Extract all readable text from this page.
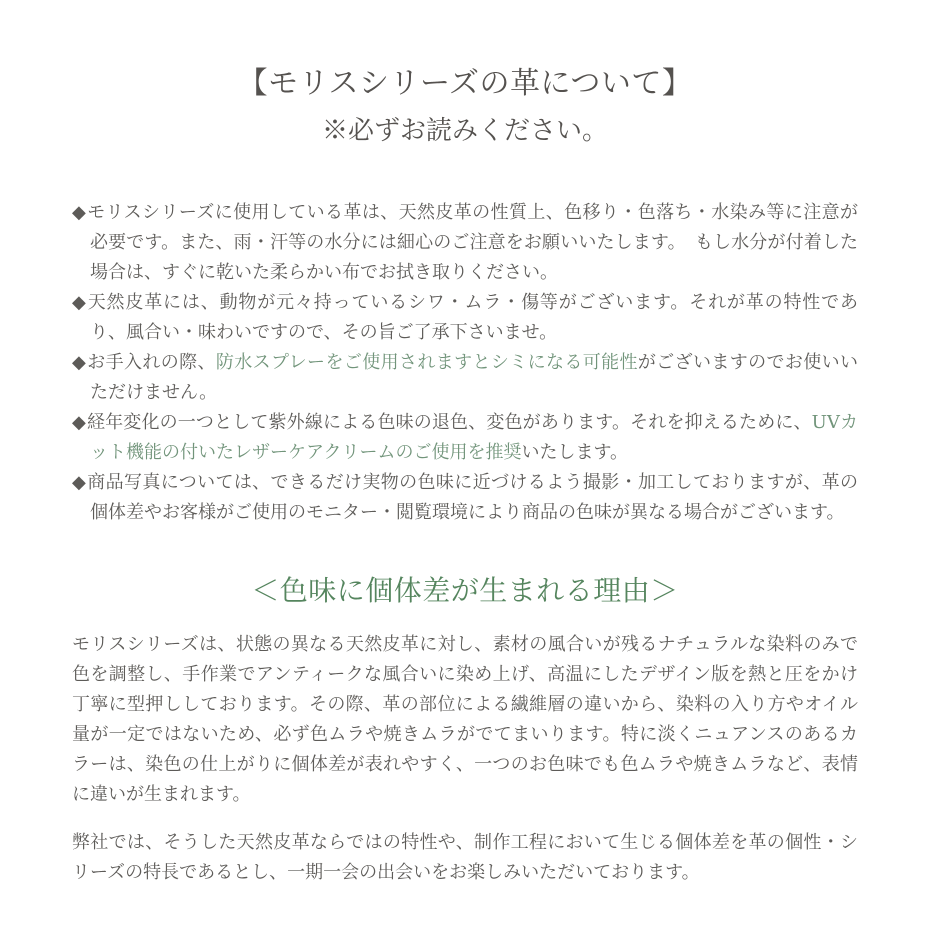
【モリスシリーズの革について】

※必ずお読みください。

◆モリスシリーズに使用している革は、天然皮革の性質上、色移り・色落ち・水染み等に注意が必要です。また、雨・汗等の水分には細心のご注意をお願いいたします。　もし水分が付着した場合は、すぐに乾いた柔らかい布でお拭き取りください。
◆天然皮革には、動物が元々持っているシワ・ムラ・傷等がございます。それが革の特性であり、風合い・味わいですので、その旨ご了承下さいませ。
◆お手入れの際、防水スプレーをご使用されますとシミになる可能性がございますのでお使いいただけません。
◆経年変化の一つとして紫外線による色味の退色、変色があります。それを抑えるために、UVカット機能の付いたレザーケアクリームのご使用を推奨いたします。
◆商品写真については、できるだけ実物の色味に近づけるよう撮影・加工しておりますが、革の個体差やお客様がご使用のモニター・閲覧環境により商品の色味が異なる場合がございます。
＜色味に個体差が生まれる理由＞

モリスシリーズは、状態の異なる天然皮革に対し、素材の風合いが残るナチュラルな染料のみで色を調整し、手作業でアンティークな風合いに染め上げ、高温にしたデザイン版を熱と圧をかけ丁寧に型押ししております。その際、革の部位による繊維層の違いから、染料の入り方やオイル量が一定ではないため、必ず色ムラや焼きムラがでてまいります。特に淡くニュアンスのあるカラーは、染色の仕上がりに個体差が表れやすく、一つのお色味でも色ムラや焼きムラなど、表情に違いが生まれます。

弊社では、そうした天然皮革ならではの特性や、制作工程において生じる個体差を革の個性・シリーズの特長であるとし、一期一会の出会いをお楽しみいただいております。
